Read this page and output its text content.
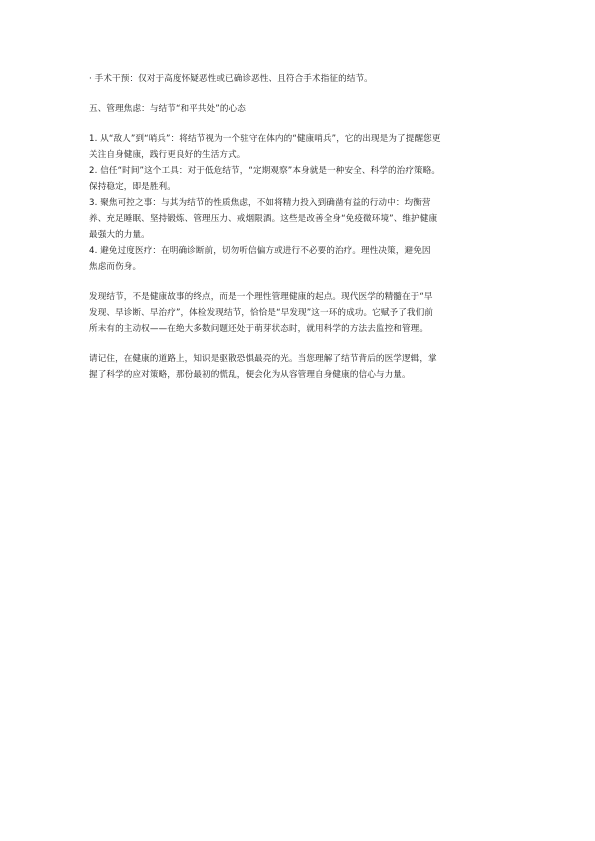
· 手术干预：仅对于高度怀疑恶性或已确诊恶性、且符合手术指征的结节。

五、管理焦虑：与结节“和平共处”的心态

1. 从“敌人”到“哨兵”：将结节视为一个驻守在体内的“健康哨兵”，它的出现是为了提醒您更

关注自身健康，践行更良好的生活方式。

2. 信任“时间”这个工具：对于低危结节，“定期观察”本身就是一种安全、科学的治疗策略。

保持稳定，即是胜利。

3. 聚焦可控之事：与其为结节的性质焦虑，不如将精力投入到确凿有益的行动中：均衡营

养、充足睡眠、坚持锻炼、管理压力、戒烟限酒。这些是改善全身“免疫微环境”、维护健康

最强大的力量。

4. 避免过度医疗：在明确诊断前，切勿听信偏方或进行不必要的治疗。理性决策，避免因

焦虑而伤身。

发现结节，不是健康故事的终点，而是一个理性管理健康的起点。现代医学的精髓在于“早

发现、早诊断、早治疗”，体检发现结节，恰恰是“早发现”这一环的成功。它赋予了我们前

所未有的主动权——在绝大多数问题还处于萌芽状态时，就用科学的方法去监控和管理。

请记住，在健康的道路上，知识是驱散恐惧最亮的光。当您理解了结节背后的医学逻辑，掌

握了科学的应对策略，那份最初的慌乱，便会化为从容管理自身健康的信心与力量。
